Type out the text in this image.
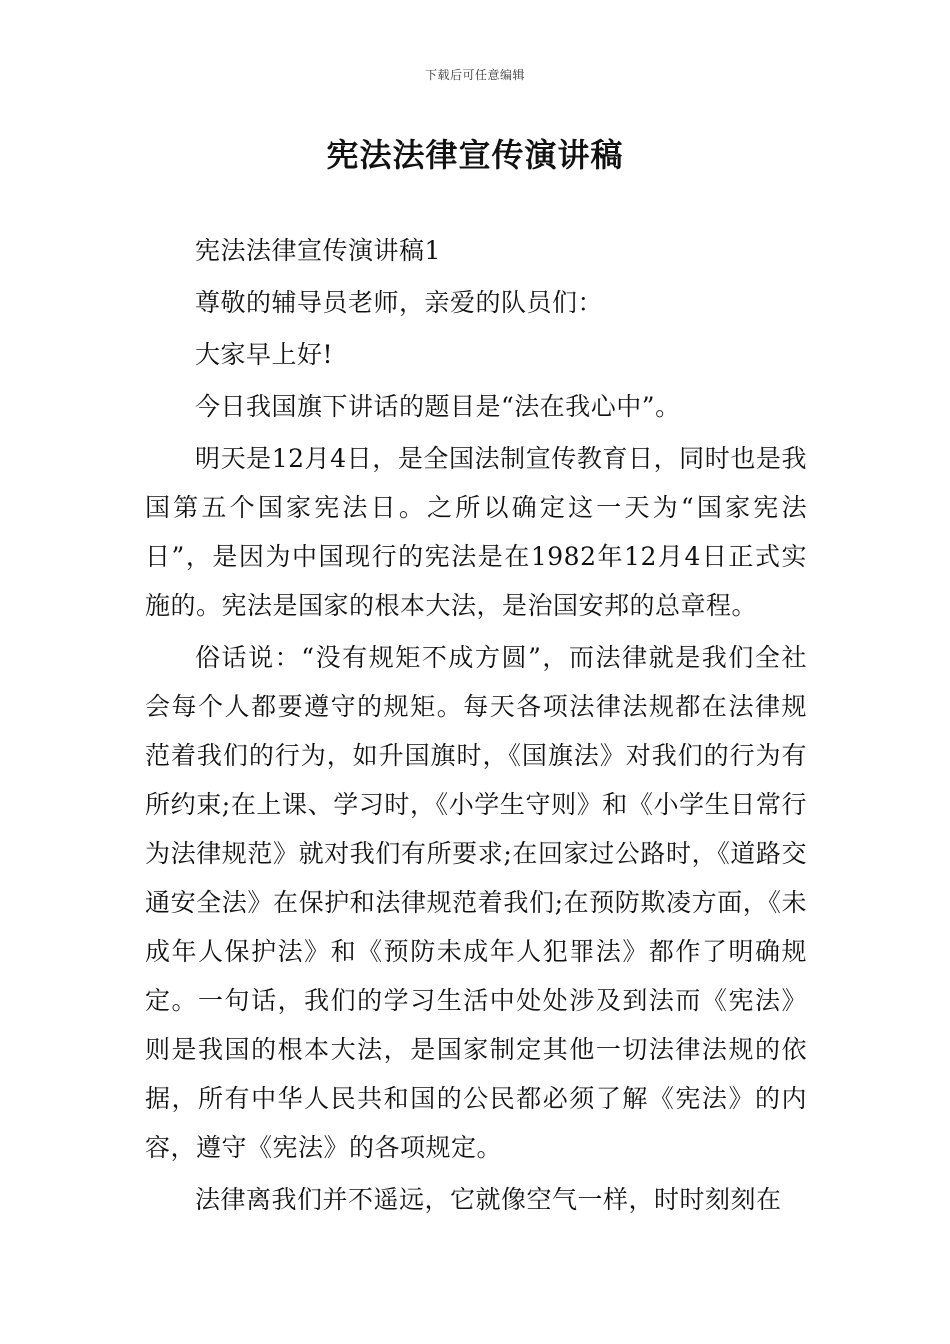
下载后可任意编辑
宪法法律宣传演讲稿

宪法法律宣传演讲稿1

尊敬的辅导员老师，亲爱的队员们：

大家早上好!

今日我国旗下讲话的题目是“法在我心中”。

明天是12月4日，是全国法制宣传教育日，同时也是我国第五个国家宪法日。之所以确定这一天为“国家宪法日”，是因为中国现行的宪法是在1982年12月4日正式实施的。宪法是国家的根本大法，是治国安邦的总章程。

俗话说：“没有规矩不成方圆”，而法律就是我们全社会每个人都要遵守的规矩。每天各项法律法规都在法律规范着我们的行为，如升国旗时，《国旗法》对我们的行为有所约束;在上课、学习时，《小学生守则》和《小学生日常行为法律规范》就对我们有所要求;在回家过公路时，《道路交通安全法》在保护和法律规范着我们;在预防欺凌方面，《未成年人保护法》和《预防未成年人犯罪法》都作了明确规定。一句话，我们的学习生活中处处涉及到法而《宪法》则是我国的根本大法，是国家制定其他一切法律法规的依据，所有中华人民共和国的公民都必须了解《宪法》的内容，遵守《宪法》的各项规定。

法律离我们并不遥远，它就像空气一样，时时刻刻在
